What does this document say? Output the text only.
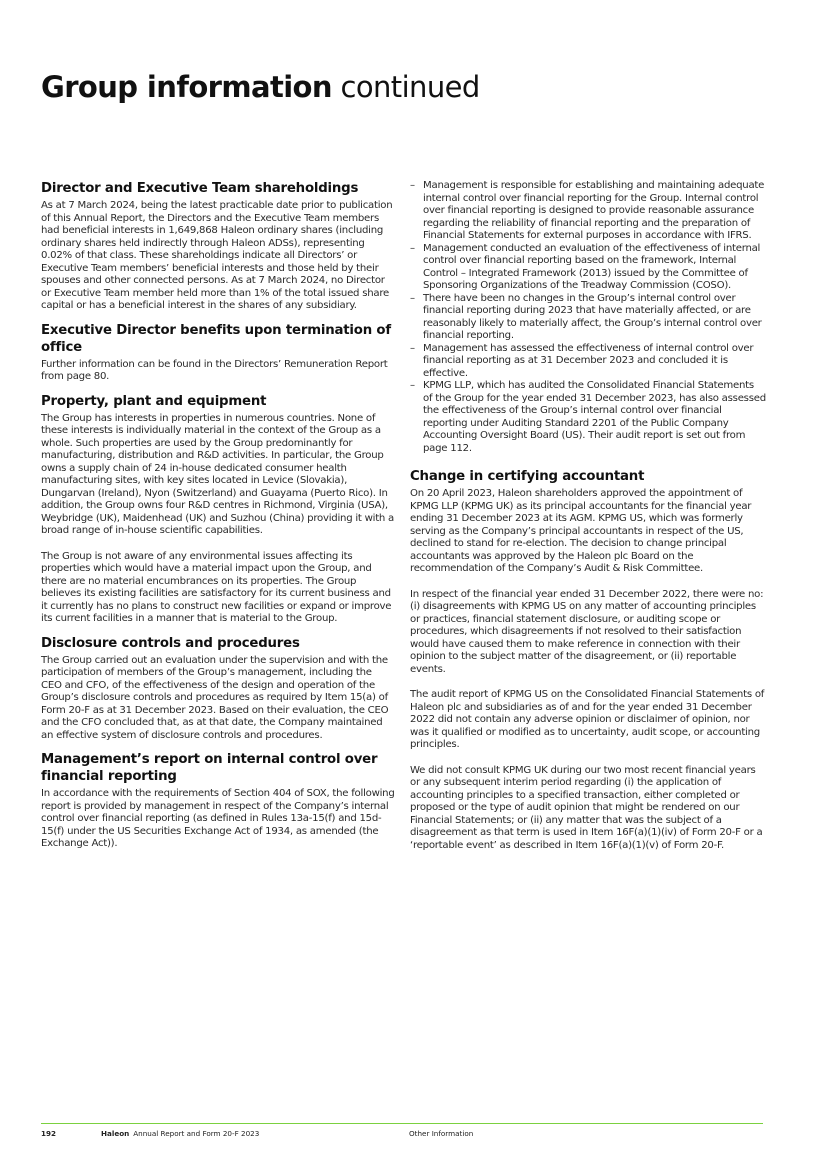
Group information continued
Director and Executive Team shareholdings

As at 7 March 2024, being the latest practicable date prior to publication of this Annual Report, the Directors and the Executive Team members had beneficial interests in 1,649,868 Haleon ordinary shares (including ordinary shares held indirectly through Haleon ADSs), representing 0.02% of that class. These shareholdings indicate all Directors’ or Executive Team members’ beneficial interests and those held by their spouses and other connected persons. As at 7 March 2024, no Director or Executive Team member held more than 1% of the total issued share capital or has a beneficial interest in the shares of any subsidiary.

Executive Director benefits upon termination of office

Further information can be found in the Directors’ Remuneration Report from page 80.

Property, plant and equipment

The Group has interests in properties in numerous countries. None of these interests is individually material in the context of the Group as a whole. Such properties are used by the Group predominantly for manufacturing, distribution and R&D activities. In particular, the Group owns a supply chain of 24 in-house dedicated consumer health manufacturing sites, with key sites located in Levice (Slovakia), Dungarvan (Ireland), Nyon (Switzerland) and Guayama (Puerto Rico). In addition, the Group owns four R&D centres in Richmond, Virginia (USA), Weybridge (UK), Maidenhead (UK) and Suzhou (China) providing it with a broad range of in-house scientific capabilities.

The Group is not aware of any environmental issues affecting its properties which would have a material impact upon the Group, and there are no material encumbrances on its properties. The Group believes its existing facilities are satisfactory for its current business and it currently has no plans to construct new facilities or expand or improve its current facilities in a manner that is material to the Group.

Disclosure controls and procedures

The Group carried out an evaluation under the supervision and with the participation of members of the Group’s management, including the CEO and CFO, of the effectiveness of the design and operation of the Group’s disclosure controls and procedures as required by Item 15(a) of Form 20-F as at 31 December 2023. Based on their evaluation, the CEO and the CFO concluded that, as at that date, the Company maintained an effective system of disclosure controls and procedures.

Management’s report on internal control over financial reporting

In accordance with the requirements of Section 404 of SOX, the following report is provided by management in respect of the Company’s internal control over financial reporting (as defined in Rules 13a-15(f) and 15d-15(f) under the US Securities Exchange Act of 1934, as amended (the Exchange Act)).

– Management is responsible for establishing and maintaining adequate internal control over financial reporting for the Group. Internal control over financial reporting is designed to provide reasonable assurance regarding the reliability of financial reporting and the preparation of Financial Statements for external purposes in accordance with IFRS.
– Management conducted an evaluation of the effectiveness of internal control over financial reporting based on the framework, Internal Control – Integrated Framework (2013) issued by the Committee of Sponsoring Organizations of the Treadway Commission (COSO).
– There have been no changes in the Group’s internal control over financial reporting during 2023 that have materially affected, or are reasonably likely to materially affect, the Group’s internal control over financial reporting.
– Management has assessed the effectiveness of internal control over financial reporting as at 31 December 2023 and concluded it is effective.
– KPMG LLP, which has audited the Consolidated Financial Statements of the Group for the year ended 31 December 2023, has also assessed the effectiveness of the Group’s internal control over financial reporting under Auditing Standard 2201 of the Public Company Accounting Oversight Board (US). Their audit report is set out from page 112.
Change in certifying accountant

On 20 April 2023, Haleon shareholders approved the appointment of KPMG LLP (KPMG UK) as its principal accountants for the financial year ending 31 December 2023 at its AGM. KPMG US, which was formerly serving as the Company’s principal accountants in respect of the US, declined to stand for re-election. The decision to change principal accountants was approved by the Haleon plc Board on the recommendation of the Company’s Audit & Risk Committee.

In respect of the financial year ended 31 December 2022, there were no: (i) disagreements with KPMG US on any matter of accounting principles or practices, financial statement disclosure, or auditing scope or procedures, which disagreements if not resolved to their satisfaction would have caused them to make reference in connection with their opinion to the subject matter of the disagreement, or (ii) reportable events.

The audit report of KPMG US on the Consolidated Financial Statements of Haleon plc and subsidiaries as of and for the year ended 31 December 2022 did not contain any adverse opinion or disclaimer of opinion, nor was it qualified or modified as to uncertainty, audit scope, or accounting principles.

We did not consult KPMG UK during our two most recent financial years or any subsequent interim period regarding (i) the application of accounting principles to a specified transaction, either completed or proposed or the type of audit opinion that might be rendered on our Financial Statements; or (ii) any matter that was the subject of a disagreement as that term is used in Item 16F(a)(1)(iv) of Form 20-F or a ‘reportable event’ as described in Item 16F(a)(1)(v) of Form 20-F.

192	Haleon Annual Report and Form 20-F 2023	Other Information
